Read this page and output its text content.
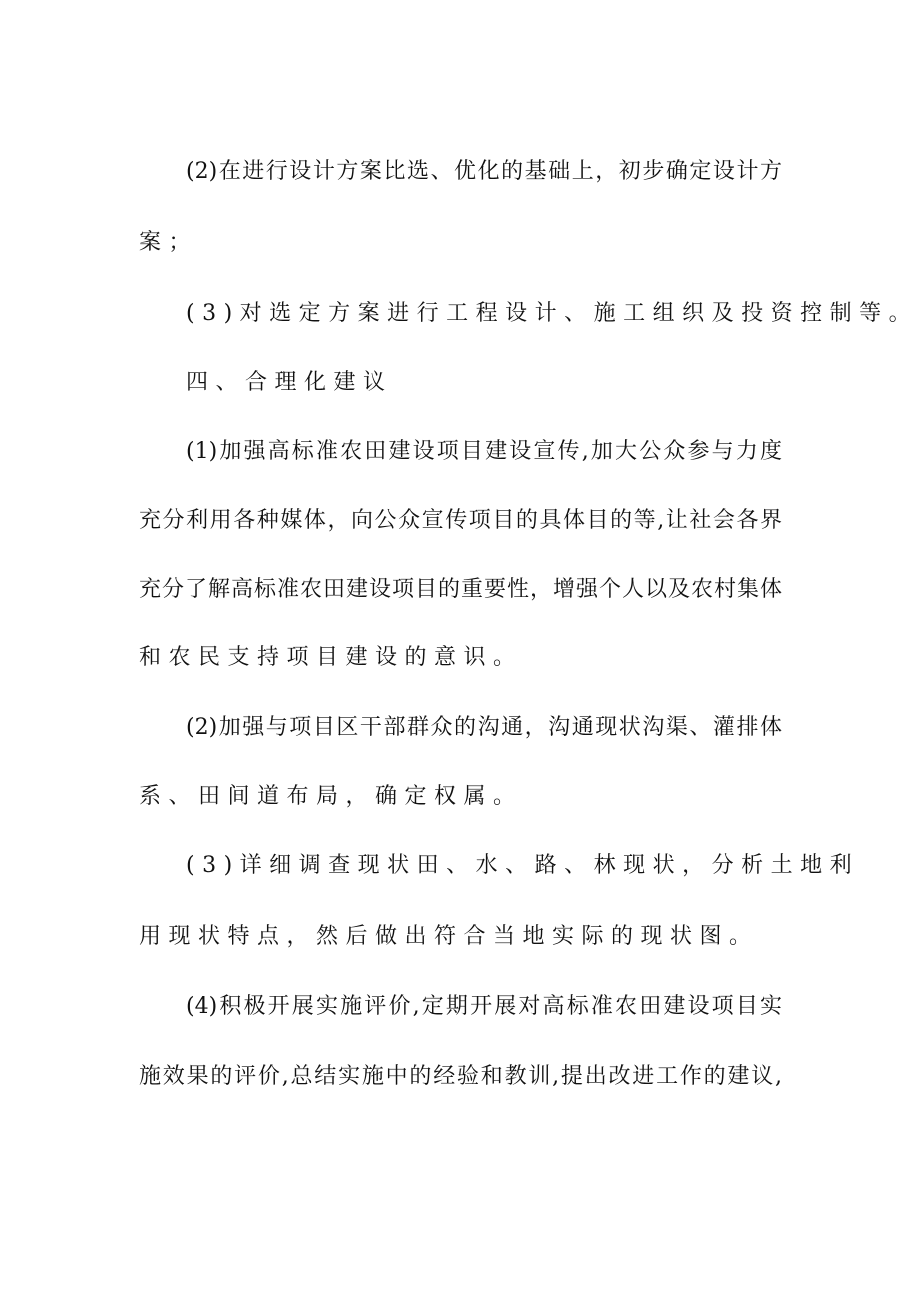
(2)在进行设计方案比选、优化的基础上，初步确定设计方
案；
(3)对选定方案进行工程设计、施工组织及投资控制等。
四、合理化建议
(1)加强高标准农田建设项目建设宣传,加大公众参与力度
充分利用各种媒体，向公众宣传项目的具体目的等,让社会各界
充分了解高标准农田建设项目的重要性，增强个人以及农村集体
和农民支持项目建设的意识。
(2)加强与项目区干部群众的沟通，沟通现状沟渠、灌排体
系、田间道布局，确定权属。
(3)详细调查现状田、水、路、林现状，分析土地利
用现状特点，然后做出符合当地实际的现状图。
(4)积极开展实施评价,定期开展对高标准农田建设项目实
施效果的评价,总结实施中的经验和教训,提出改进工作的建议,
